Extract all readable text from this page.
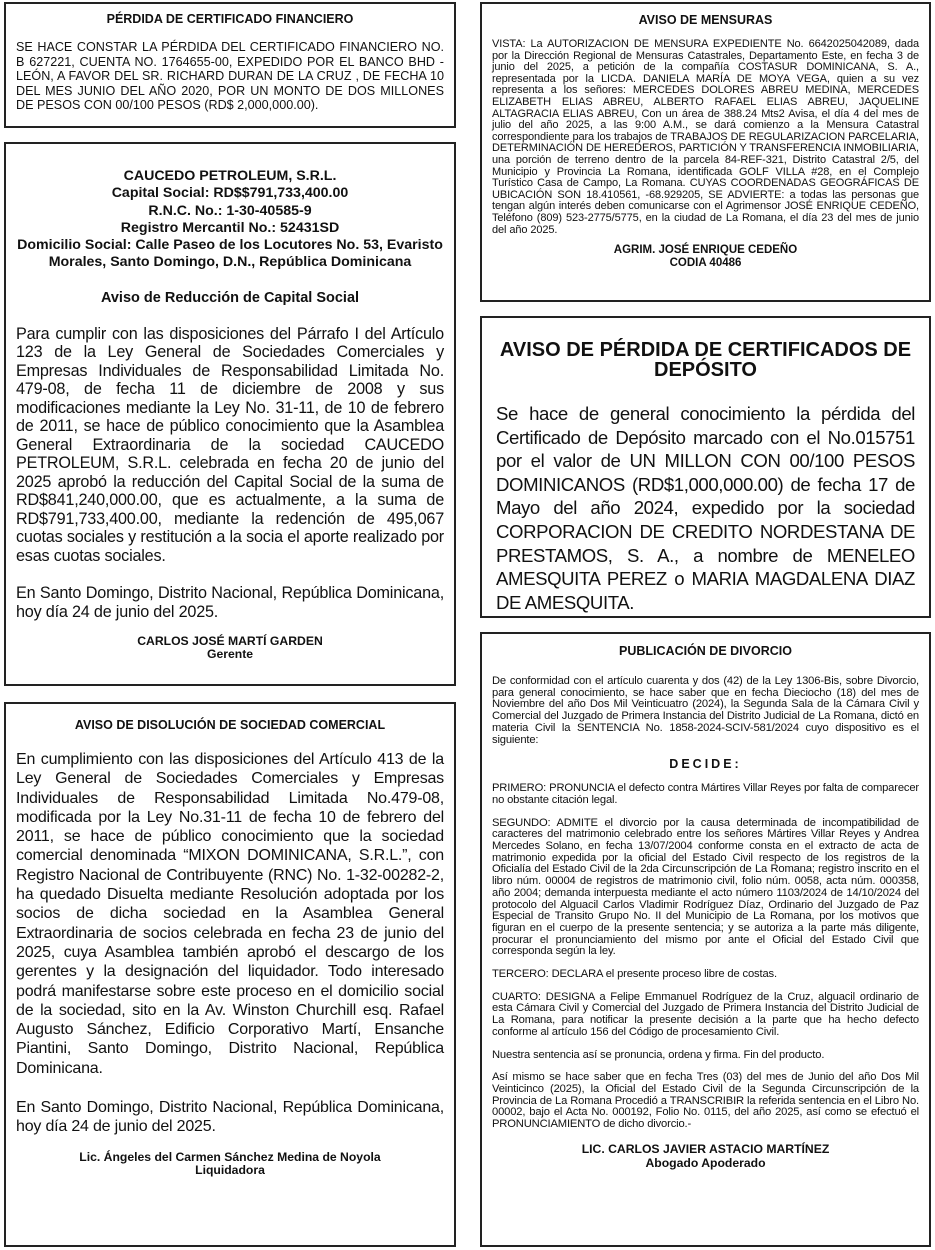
PÉRDIDA DE CERTIFICADO FINANCIERO

SE HACE CONSTAR LA PÉRDIDA DEL CERTIFICADO FINANCIERO NO. B 627221, CUENTA NO. 1764655-00, EXPEDIDO POR EL BANCO BHD - LEÓN, A FAVOR DEL SR. RICHARD DURAN DE LA CRUZ , DE FECHA 10 DEL MES JUNIO DEL AÑO 2020, POR UN MONTO DE DOS MILLONES DE PESOS CON 00/100 PESOS (RD$ 2,000,000.00).

CAUCEDO PETROLEUM, S.R.L.

Capital Social: RD$$791,733,400.00

R.N.C. No.: 1-30-40585-9

Registro Mercantil No.: 52431SD

Domicilio Social: Calle Paseo de los Locutores No. 53, Evaristo Morales, Santo Domingo, D.N., República Dominicana

Aviso de Reducción de Capital Social

Para cumplir con las disposiciones del Párrafo I del Artículo 123 de la Ley General de Sociedades Comerciales y Empresas Individuales de Responsabilidad Limitada No. 479-08, de fecha 11 de diciembre de 2008 y sus modificaciones mediante la Ley No. 31-11, de 10 de febrero de 2011, se hace de público conocimiento que la Asamblea General Extraordinaria de la sociedad CAUCEDO PETROLEUM, S.R.L. celebrada en fecha 20 de junio del 2025 aprobó la reducción del Capital Social de la suma de RD$841,240,000.00, que es actualmente, a la suma de RD$791,733,400.00, mediante la redención de 495,067 cuotas sociales y restitución a la socia el aporte realizado por esas cuotas sociales.

En Santo Domingo, Distrito Nacional, República Dominicana, hoy día 24 de junio del 2025.

CARLOS JOSÉ MARTÍ GARDEN

Gerente

AVISO DE DISOLUCIÓN DE SOCIEDAD COMERCIAL

En cumplimiento con las disposiciones del Artículo 413 de la Ley General de Sociedades Comerciales y Empresas Individuales de Responsabilidad Limitada No.479-08, modificada por la Ley No.31-11 de fecha 10 de febrero del 2011, se hace de público conocimiento que la sociedad comercial denominada “MIXON DOMINICANA, S.R.L.”, con Registro Nacional de Contribuyente (RNC) No. 1-32-00282-2, ha quedado Disuelta mediante Resolución adoptada por los socios de dicha sociedad en la Asamblea General Extraordinaria de socios celebrada en fecha 23 de junio del 2025, cuya Asamblea también aprobó el descargo de los gerentes y la designación del liquidador. Todo interesado podrá manifestarse sobre este proceso en el domicilio social de la sociedad, sito en la Av. Winston Churchill esq. Rafael Augusto Sánchez, Edificio Corporativo Martí, Ensanche Piantini, Santo Domingo, Distrito Nacional, República Dominicana.

En Santo Domingo, Distrito Nacional, República Dominicana, hoy día 24 de junio del 2025.

Lic. Ángeles del Carmen Sánchez Medina de Noyola

Liquidadora

AVISO DE MENSURAS

VISTA: La AUTORIZACION DE MENSURA EXPEDIENTE No. 6642025042089, dada por la Dirección Regional de Mensuras Catastrales, Departamento Este, en fecha 3 de junio del 2025, a petición de la compañía COSTASUR DOMINICANA, S. A., representada por la LICDA. DANIELA MARÍA DE MOYA VEGA, quien a su vez representa a los señores: MERCEDES DOLORES ABREU MEDINA, MERCEDES ELIZABETH ELIAS ABREU, ALBERTO RAFAEL ELIAS ABREU, JAQUELINE ALTAGRACIA ELIAS ABREU, Con un área de 388.24 Mts2 Avisa, el día 4 del mes de julio del año 2025, a las 9:00 A.M., se dará comienzo a la Mensura Catastral correspondiente para los trabajos de TRABAJOS DE REGULARIZACION PARCELARIA, DETERMINACIÓN DE HEREDEROS, PARTICIÓN Y TRANSFERENCIA INMOBILIARIA, una porción de terreno dentro de la parcela 84-REF-321, Distrito Catastral 2/5, del Municipio y Provincia La Romana, identificada GOLF VILLA #28, en el Complejo Turístico Casa de Campo, La Romana. CUYAS COORDENADAS GEOGRÁFICAS DE UBICACIÓN SON 18.410561, -68.929205, SE ADVIERTE: a todas las personas que tengan algún interés deben comunicarse con el Agrimensor JOSÉ ENRIQUE CEDEÑO, Teléfono (809) 523-2775/5775, en la ciudad de La Romana, el día 23 del mes de junio del año 2025.

AGRIM. JOSÉ ENRIQUE CEDEÑO

CODIA 40486

AVISO DE PÉRDIDA DE CERTIFICADOS DE DEPÓSITO

Se hace de general conocimiento la pérdida del Certificado de Depósito marcado con el No.015751 por el valor de UN MILLON CON 00/100 PESOS DOMINICANOS (RD$1,000,000.00) de fecha 17 de Mayo del año 2024, expedido por la sociedad CORPORACION DE CREDITO NORDESTANA DE PRESTAMOS, S. A., a nombre de MENELEO AMESQUITA PEREZ o MARIA MAGDALENA DIAZ DE AMESQUITA.

PUBLICACIÓN DE DIVORCIO

De conformidad con el artículo cuarenta y dos (42) de la Ley 1306-Bis, sobre Divorcio, para general conocimiento, se hace saber que en fecha Dieciocho (18) del mes de Noviembre del año Dos Mil Veinticuatro (2024), la Segunda Sala de la Cámara Civil y Comercial del Juzgado de Primera Instancia del Distrito Judicial de La Romana, dictó en materia Civil la SENTENCIA No. 1858-2024-SCIV-581/2024 cuyo dispositivo es el siguiente:

DECIDE:

PRIMERO: PRONUNCIA el defecto contra Mártires Villar Reyes por falta de comparecer no obstante citación legal.

SEGUNDO: ADMITE el divorcio por la causa determinada de incompatibilidad de caracteres del matrimonio celebrado entre los señores Mártires Villar Reyes y Andrea Mercedes Solano, en fecha 13/07/2004 conforme consta en el extracto de acta de matrimonio expedida por la oficial del Estado Civil respecto de los registros de la Oficialía del Estado Civil de la 2da Circunscripción de La Romana; registro inscrito en el libro núm. 00004 de registros de matrimonio civil, folio núm. 0058, acta núm. 000358, año 2004; demanda interpuesta mediante el acto número 1103/2024 de 14/10/2024 del protocolo del Alguacil Carlos Vladimir Rodríguez Díaz, Ordinario del Juzgado de Paz Especial de Transito Grupo No. II del Municipio de La Romana, por los motivos que figuran en el cuerpo de la presente sentencia; y se autoriza a la parte más diligente, procurar el pronunciamiento del mismo por ante el Oficial del Estado Civil que corresponda según la ley.

TERCERO: DECLARA el presente proceso libre de costas.

CUARTO: DESIGNA a Felipe Emmanuel Rodríguez de la Cruz, alguacil ordinario de esta Cámara Civil y Comercial del Juzgado de Primera Instancia del Distrito Judicial de La Romana, para notificar la presente decisión a la parte que ha hecho defecto conforme al artículo 156 del Código de procesamiento Civil.

Nuestra sentencia así se pronuncia, ordena y firma. Fin del producto.

Así mismo se hace saber que en fecha Tres (03) del mes de Junio del año Dos Mil Veinticinco (2025), la Oficial del Estado Civil de la Segunda Circunscripción de la Provincia de La Romana Procedió a TRANSCRIBIR la referida sentencia en el Libro No. 00002, bajo el Acta No. 000192, Folio No. 0115, del año 2025, así como se efectuó el PRONUNCIAMIENTO de dicho divorcio.-

LIC. CARLOS JAVIER ASTACIO MARTÍNEZ

Abogado Apoderado
